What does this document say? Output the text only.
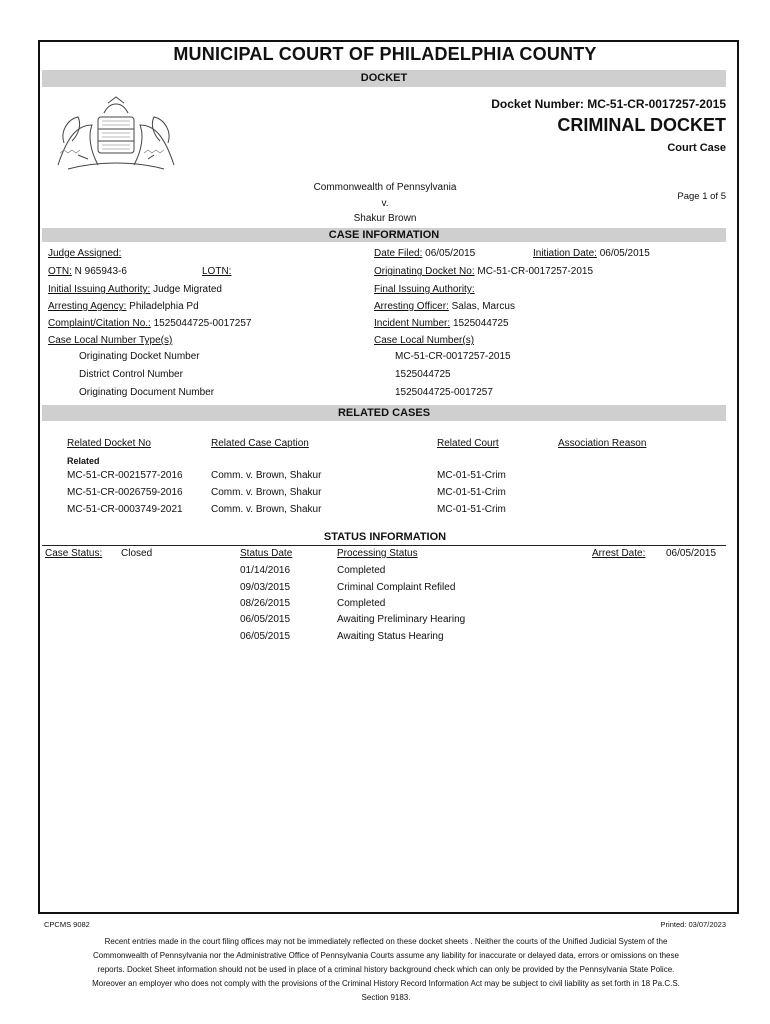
MUNICIPAL COURT OF PHILADELPHIA COUNTY
DOCKET
Docket Number: MC-51-CR-0017257-2015
CRIMINAL DOCKET
Court Case
Commonwealth of Pennsylvania
v.
Shakur Brown
Page 1 of 5
CASE INFORMATION
Judge Assigned:	Date Filed: 06/05/2015	Initiation Date: 06/05/2015
OTN: N 965943-6	LOTN:	Originating Docket No: MC-51-CR-0017257-2015
Initial Issuing Authority: Judge Migrated	Final Issuing Authority:
Arresting Agency: Philadelphia Pd	Arresting Officer: Salas, Marcus
Complaint/Citation No.: 1525044725-0017257	Incident Number: 1525044725
Case Local Number Type(s)	Case Local Number(s)
Originating Docket Number	MC-51-CR-0017257-2015
District Control Number	1525044725
Originating Document Number	1525044725-0017257
RELATED CASES
Related Docket No	Related Case Caption	Related Court	Association Reason
Related
MC-51-CR-0021577-2016	Comm. v. Brown, Shakur	MC-01-51-Crim
MC-51-CR-0026759-2016	Comm. v. Brown, Shakur	MC-01-51-Crim
MC-51-CR-0003749-2021	Comm. v. Brown, Shakur	MC-01-51-Crim
STATUS INFORMATION
Case Status: Closed	Status Date	Processing Status	Arrest Date: 06/05/2015
01/14/2016	Completed
09/03/2015	Criminal Complaint Refiled
08/26/2015	Completed
06/05/2015	Awaiting Preliminary Hearing
06/05/2015	Awaiting Status Hearing
CPCMS 9082	Printed: 03/07/2023
Recent entries made in the court filing offices may not be immediately reflected on these docket sheets . Neither the courts of the Unified Judicial System of the Commonwealth of Pennsylvania nor the Administrative Office of Pennsylvania Courts assume any liability for inaccurate or delayed data, errors or omissions on these reports. Docket Sheet information should not be used in place of a criminal history background check which can only be provided by the Pennsylvania State Police. Moreover an employer who does not comply with the provisions of the Criminal History Record Information Act may be subject to civil liability as set forth in 18 Pa.C.S. Section 9183.
